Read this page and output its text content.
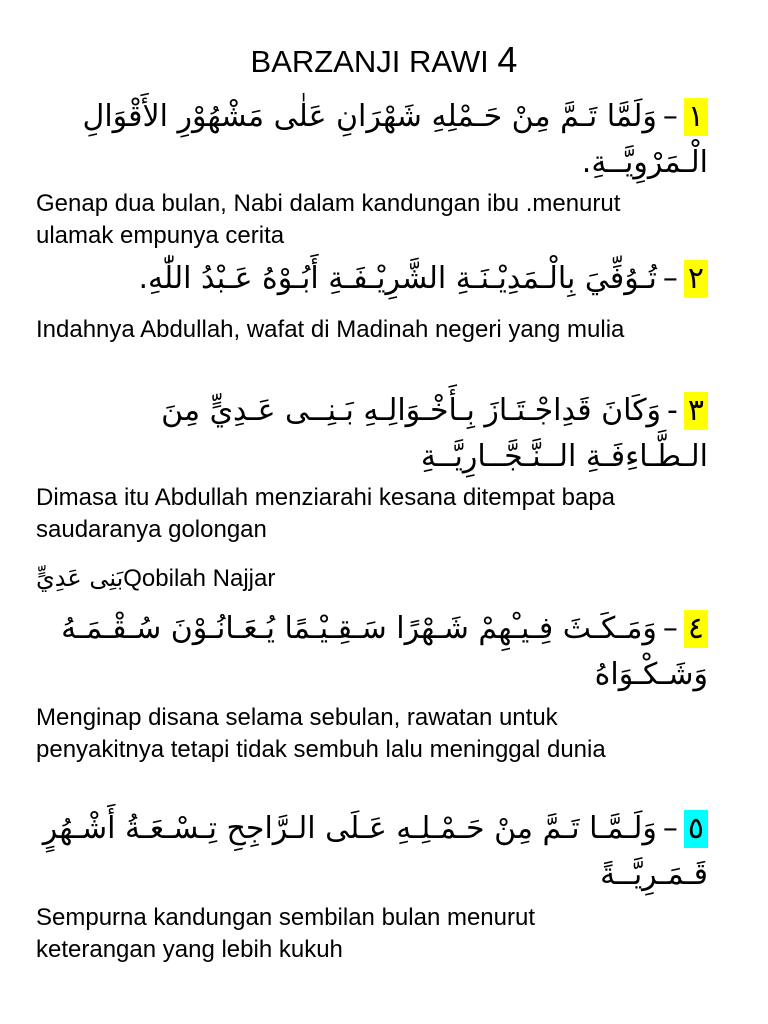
BARZANJI RAWI 4
١–وَلَمَّا تَـمَّ مِنْ حَـمْلِهِ شَهْرَانِ عَلٰى مَشْهُوْرِ الأَقْوَالِ الْـمَرْوِيَّــةِ.
Genap dua bulan, Nabi dalam kandungan ibu .menurut ulamak empunya cerita
٢–تُـوُفِّيَ بِالْـمَدِيْـنَـةِ الشَّرِيْـفَـةِ أَبُـوْهُ عَـبْدُ اللّٰهِ.
Indahnya Abdullah, wafat di Madinah negeri yang mulia
٣-وَكَانَ قَدِاجْـتَـازَ بِـأَخْـوَالِـهِ بَـنِــى عَـدِيٍّ مِنَ الـطَّـاءِفَـةِ الــنَّـجَّــارِيَّــةِ
Dimasa itu Abdullah menziarahi kesana ditempat bapa saudaranya golongan
بَنِى عَدِيٍّQobilah Najjar
٤–وَمَـكَـثَ فِـيـْهِمْ شَـهْرًا سَـقِـيْـمًا يُـعَـانُـوْنَ سُـقْـمَـهُ وَشَـكْـوَاهُ
Menginap disana selama sebulan, rawatan untuk penyakitnya tetapi tidak sembuh lalu meninggal dunia
٥–وَلَـمَّـا تَـمَّ مِنْ حَـمْـلِـهِ عَـلَى الـرَّاجِحِ تِـسْـعَـةُ أَشْـهُرٍ قَـمَـرِيَّــةً
Sempurna kandungan sembilan bulan menurut keterangan yang lebih kukuh
